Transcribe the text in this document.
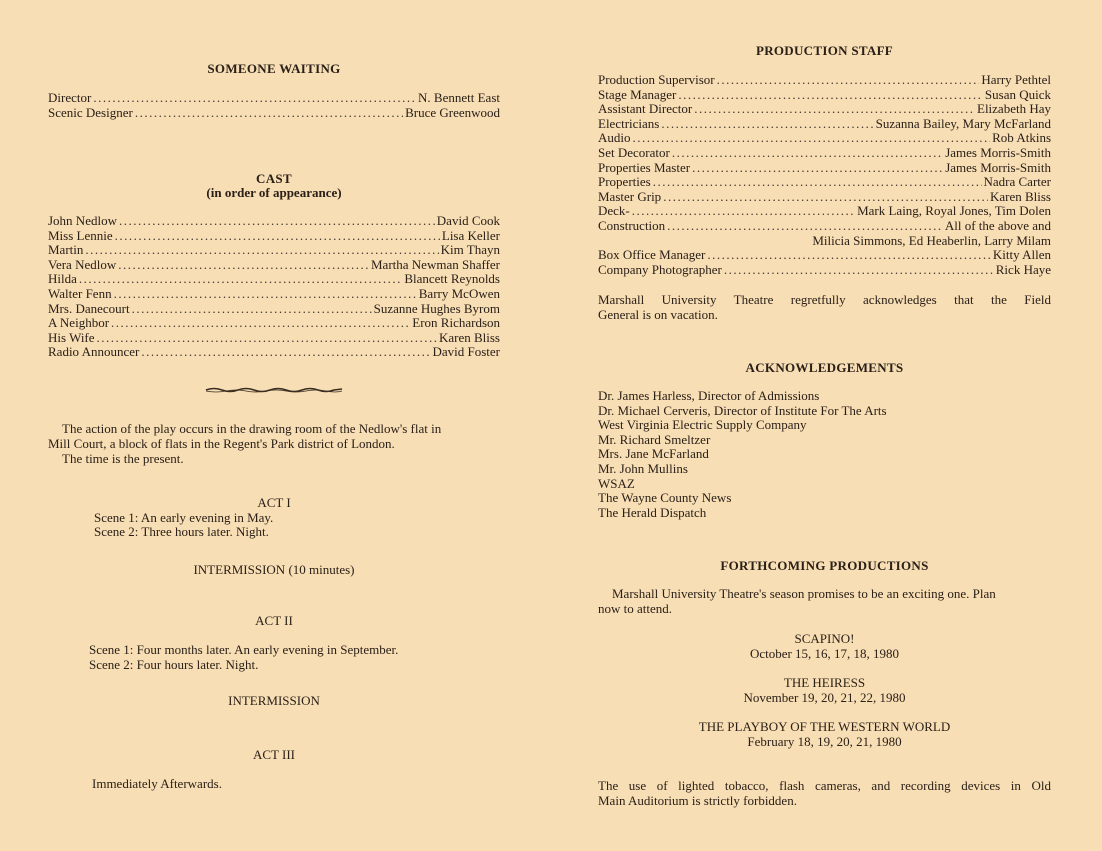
SOMEONE WAITING

Director .....	N. Bennett East
Scenic Designer .....	Bruce Greenwood

CAST

(in order of appearance)

John Nedlow .....	David Cook
Miss Lennie .....	Lisa Keller
Martin .....	Kim Thayn
Vera Nedlow .....	Martha Newman Shaffer
Hilda .....	Blancett Reynolds
Walter Fenn .....	Barry McOwen
Mrs. Danecourt .....	Suzanne Hughes Byrom
A Neighbor .....	Eron Richardson
His Wife .....	Karen Bliss
Radio Announcer .....	David Foster

The action of the play occurs in the drawing room of the Nedlow's flat in

Mill Court, a block of flats in the Regent's Park district of London.

The time is the present.

ACT I

Scene 1: An early evening in May.

Scene 2: Three hours later. Night.

INTERMISSION (10 minutes)

ACT II

Scene 1: Four months later. An early evening in September.

Scene 2: Four hours later. Night.

INTERMISSION

ACT III

Immediately Afterwards.

PRODUCTION STAFF

Production Supervisor .....	Harry Pethtel
Stage Manager .....	Susan Quick
Assistant Director .....	Elizabeth Hay
Electricians .....	Suzanna Bailey, Mary McFarland
Audio .....	Rob Atkins
Set Decorator .....	James Morris-Smith
Properties Master .....	James Morris-Smith
Properties .....	Nadra Carter
Master Grip .....	Karen Bliss
Deck- .....	Mark Laing, Royal Jones, Tim Dolen
Construction .....	All of the above and
Milicia Simmons, Ed Heaberlin, Larry Milam
Box Office Manager .....	Kitty Allen
Company Photographer .....	Rick Haye

Marshall University Theatre regretfully acknowledges that the Field

General is on vacation.

ACKNOWLEDGEMENTS

Dr. James Harless, Director of Admissions

Dr. Michael Cerveris, Director of Institute For The Arts

West Virginia Electric Supply Company

Mr. Richard Smeltzer

Mrs. Jane McFarland

Mr. John Mullins

WSAZ

The Wayne County News

The Herald Dispatch

FORTHCOMING PRODUCTIONS

Marshall University Theatre's season promises to be an exciting one. Plan

now to attend.

SCAPINO!

October 15, 16, 17, 18, 1980

THE HEIRESS

November 19, 20, 21, 22, 1980

THE PLAYBOY OF THE WESTERN WORLD

February 18, 19, 20, 21, 1980

The use of lighted tobacco, flash cameras, and recording devices in Old

Main Auditorium is strictly forbidden.
